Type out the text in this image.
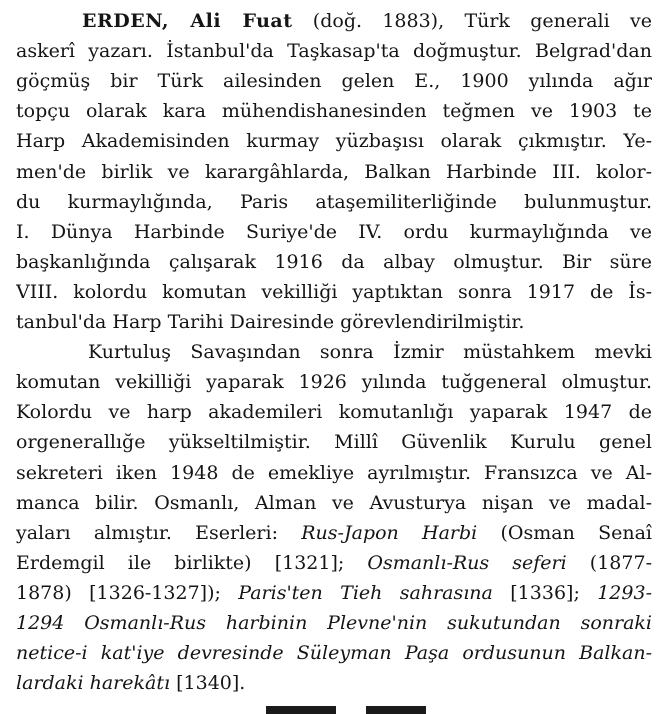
ERDEN, Ali Fuat (doğ. 1883), Türk generali ve
askerî yazarı. İstanbul'da Taşkasap'ta doğmuştur. Belgrad'dan
göçmüş bir Türk ailesinden gelen E., 1900 yılında ağır
topçu olarak kara mühendishanesinden teğmen ve 1903 te
Harp Akademisinden kurmay yüzbaşısı olarak çıkmıştır. Ye-
men'de birlik ve karargâhlarda, Balkan Harbinde III. kolor-
du kurmaylığında, Paris ataşemiliterliğinde bulunmuştur.
I. Dünya Harbinde Suriye'de IV. ordu kurmaylığında ve
başkanlığında çalışarak 1916 da albay olmuştur. Bir süre
VIII. kolordu komutan vekilliği yaptıktan sonra 1917 de İs-
tanbul'da Harp Tarihi Dairesinde görevlendirilmiştir.
Kurtuluş Savaşından sonra İzmir müstahkem mevki
komutan vekilliği yaparak 1926 yılında tuğgeneral olmuştur.
Kolordu ve harp akademileri komutanlığı yaparak 1947 de
orgenerallığe yükseltilmiştir. Millî Güvenlik Kurulu genel
sekreteri iken 1948 de emekliye ayrılmıştır. Fransızca ve Al-
manca bilir. Osmanlı, Alman ve Avusturya nişan ve madal-
yaları almıştır. Eserleri: Rus-Japon Harbi (Osman Senaî
Erdemgil ile birlikte) [1321]; Osmanlı-Rus seferi (1877-
1878) [1326-1327]); Paris'ten Tieh sahrasına [1336]; 1293-
1294 Osmanlı-Rus harbinin Plevne'nin sukutundan sonraki
netice-i kat'iye devresinde Süleyman Paşa ordusunun Balkan-
lardaki harekâtı [1340].
